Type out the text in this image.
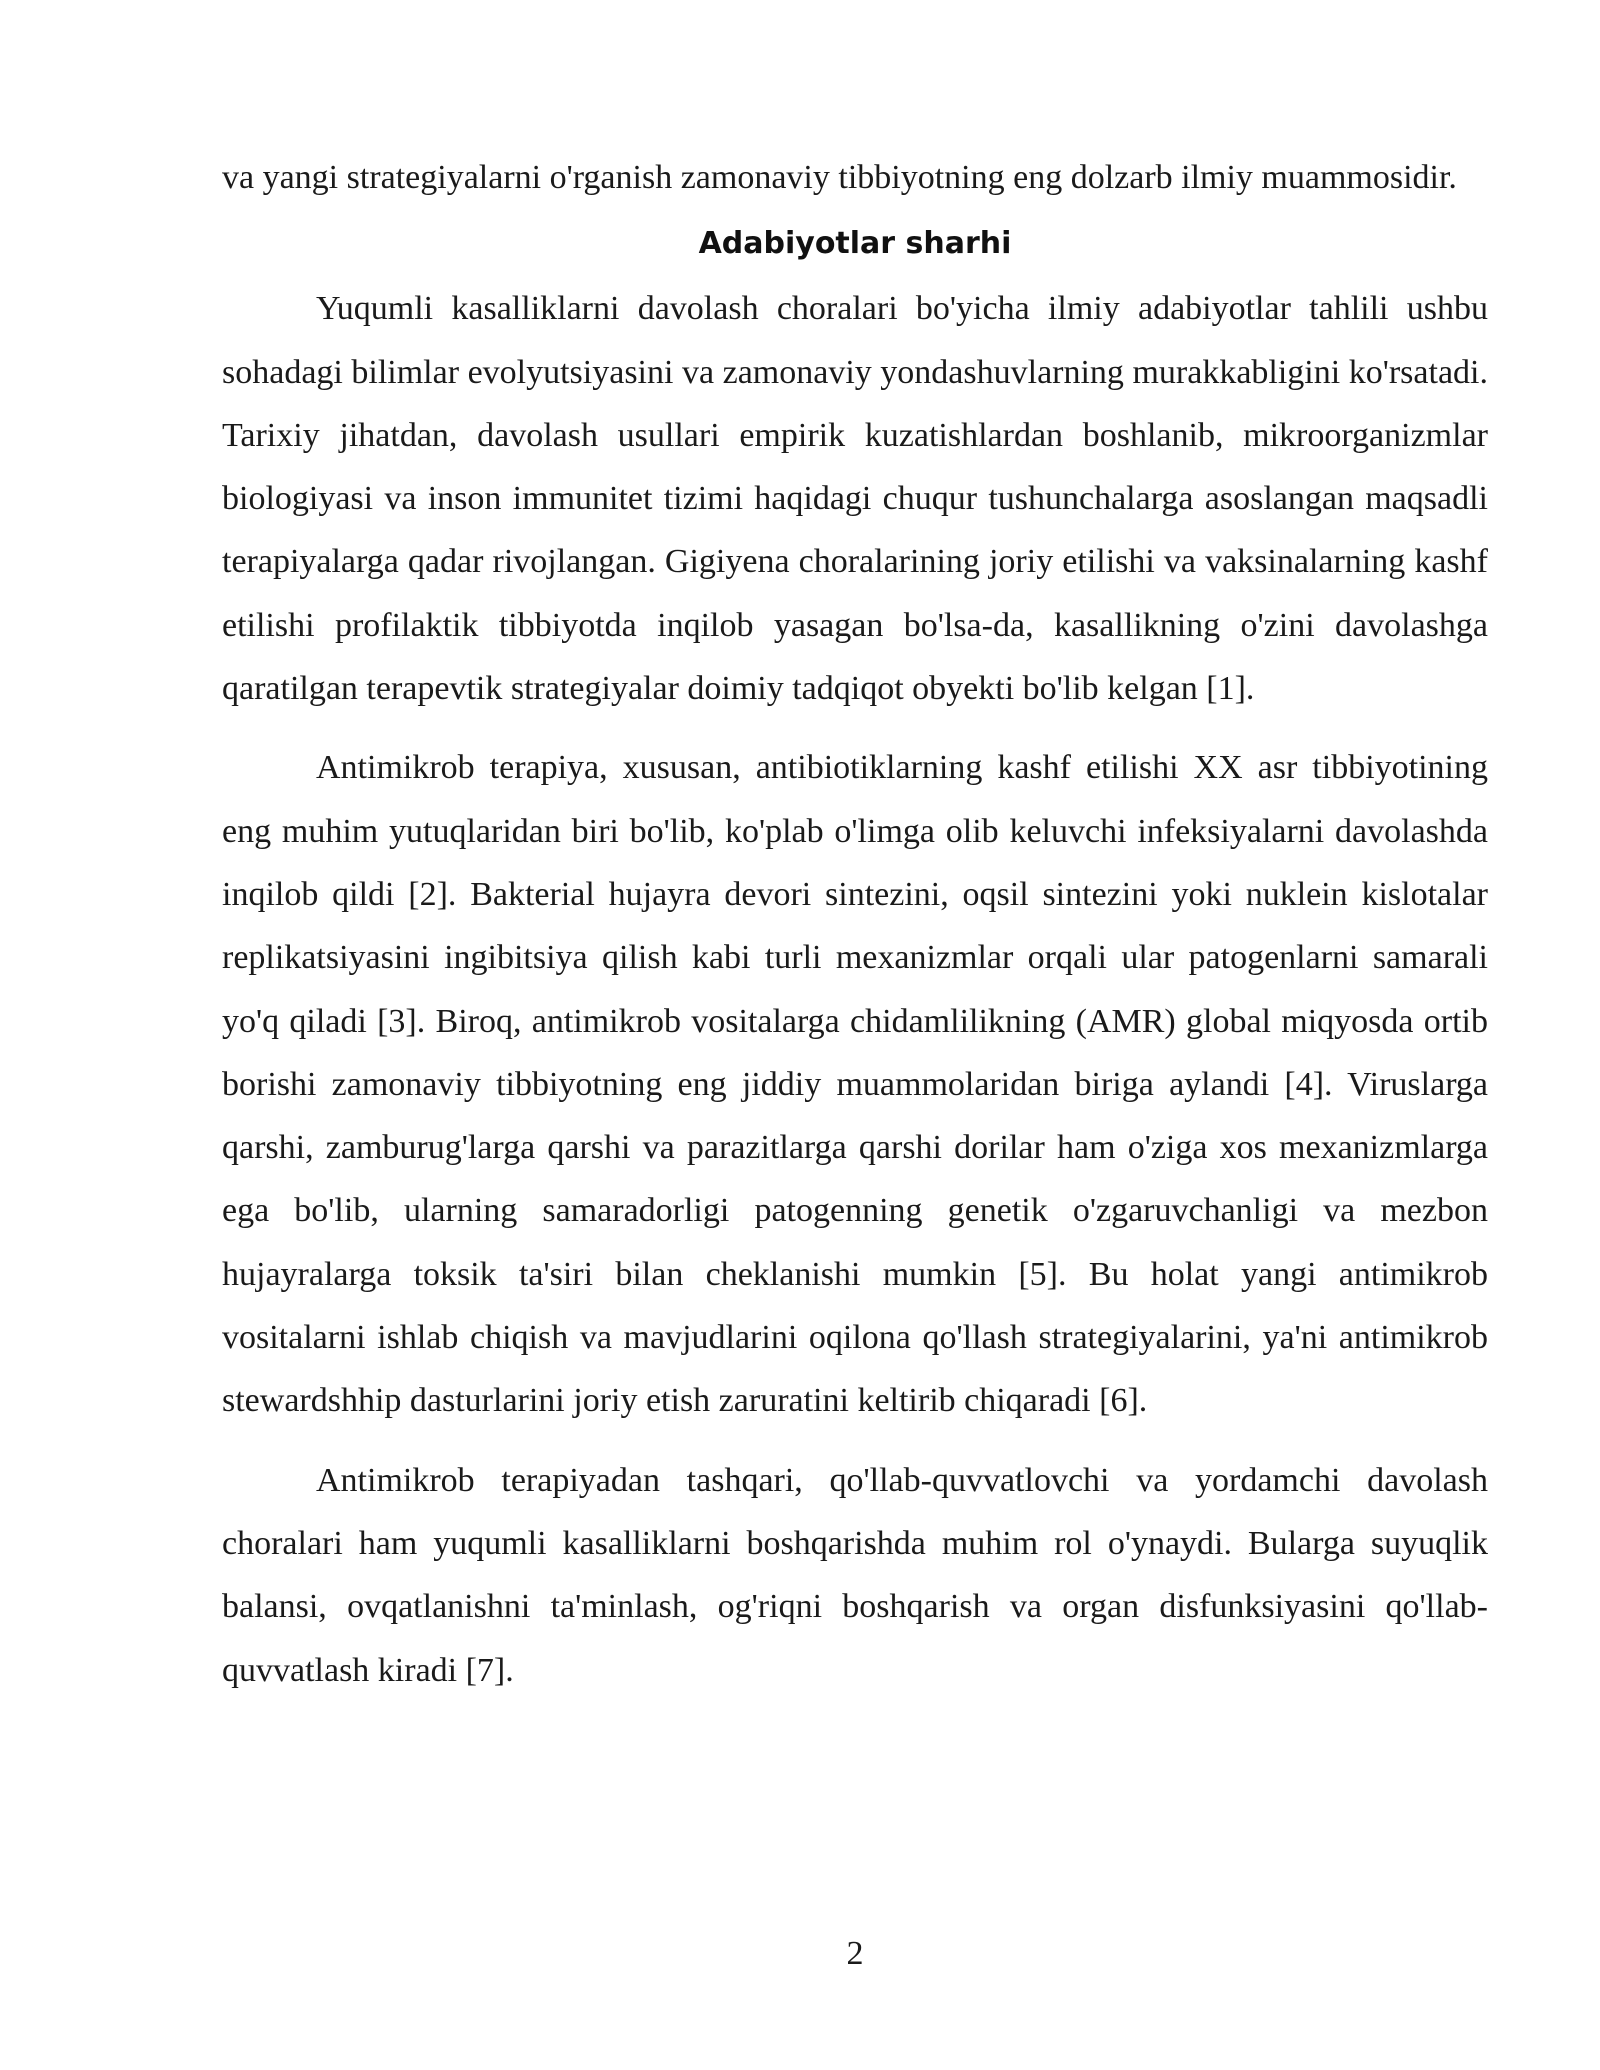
va yangi strategiyalarni o'rganish zamonaviy tibbiyotning eng dolzarb ilmiy muammosidir.

Adabiyotlar sharhi

Yuqumli kasalliklarni davolash choralari bo'yicha ilmiy adabiyotlar tahlili ushbu sohadagi bilimlar evolyutsiyasini va zamonaviy yondashuvlarning murakkabligini ko'rsatadi. Tarixiy jihatdan, davolash usullari empirik kuzatishlardan boshlanib, mikroorganizmlar biologiyasi va inson immunitet tizimi haqidagi chuqur tushunchalarga asoslangan maqsadli terapiyalarga qadar rivojlangan. Gigiyena choralarining joriy etilishi va vaksinalarning kashf etilishi profilaktik tibbiyotda inqilob yasagan bo'lsa-da, kasallikning o'zini davolashga qaratilgan terapevtik strategiyalar doimiy tadqiqot obyekti bo'lib kelgan [1].

Antimikrob terapiya, xususan, antibiotiklarning kashf etilishi XX asr tibbiyotining eng muhim yutuqlaridan biri bo'lib, ko'plab o'limga olib keluvchi infeksiyalarni davolashda inqilob qildi [2]. Bakterial hujayra devori sintezini, oqsil sintezini yoki nuklein kislotalar replikatsiyasini ingibitsiya qilish kabi turli mexanizmlar orqali ular patogenlarni samarali yo'q qiladi [3]. Biroq, antimikrob vositalarga chidamlilikning (AMR) global miqyosda ortib borishi zamonaviy tibbiyotning eng jiddiy muammolaridan biriga aylandi [4]. Viruslarga qarshi, zamburug'larga qarshi va parazitlarga qarshi dorilar ham o'ziga xos mexanizmlarga ega bo'lib, ularning samaradorligi patogenning genetik o'zgaruvchanligi va mezbon hujayralarga toksik ta'siri bilan cheklanishi mumkin [5]. Bu holat yangi antimikrob vositalarni ishlab chiqish va mavjudlarini oqilona qo'llash strategiyalarini, ya'ni antimikrob stewardshhip dasturlarini joriy etish zaruratini keltirib chiqaradi [6].

Antimikrob terapiyadan tashqari, qo'llab-quvvatlovchi va yordamchi davolash choralari ham yuqumli kasalliklarni boshqarishda muhim rol o'ynaydi. Bularga suyuqlik balansi, ovqatlanishni ta'minlash, og'riqni boshqarish va organ disfunksiyasini qo'llab-quvvatlash kiradi [7].

2
